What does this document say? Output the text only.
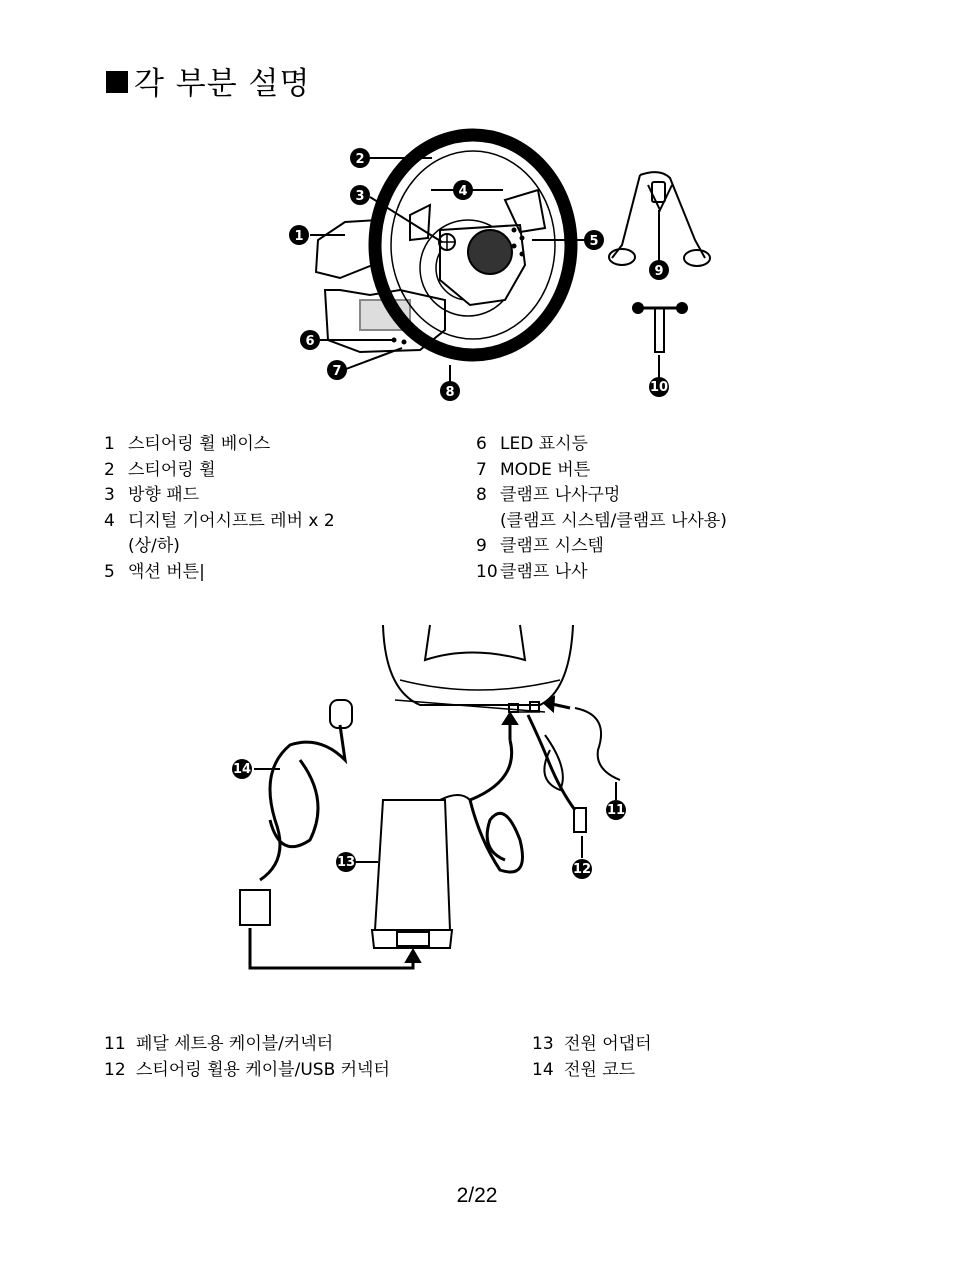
각 부분 설명
1
2
3	4
5
6
7
8
9
10
11
12
13
14
1 스티어링 휠 베이스
2 스티어링 휠
3 방향 패드
4 디지털 기어시프트 레버 x 2
(상/하)
5 액션 버튼|
6 LED 표시등
7 MODE 버튼
8 클램프 나사구멍
(클램프 시스템/클램프 나사용)
9 클램프 시스템
10 클램프 나사
11 페달 세트용 케이블/커넥터
12 스티어링 휠용 케이블/USB 커넥터
13 전원 어댑터
14 전원 코드
2/22
